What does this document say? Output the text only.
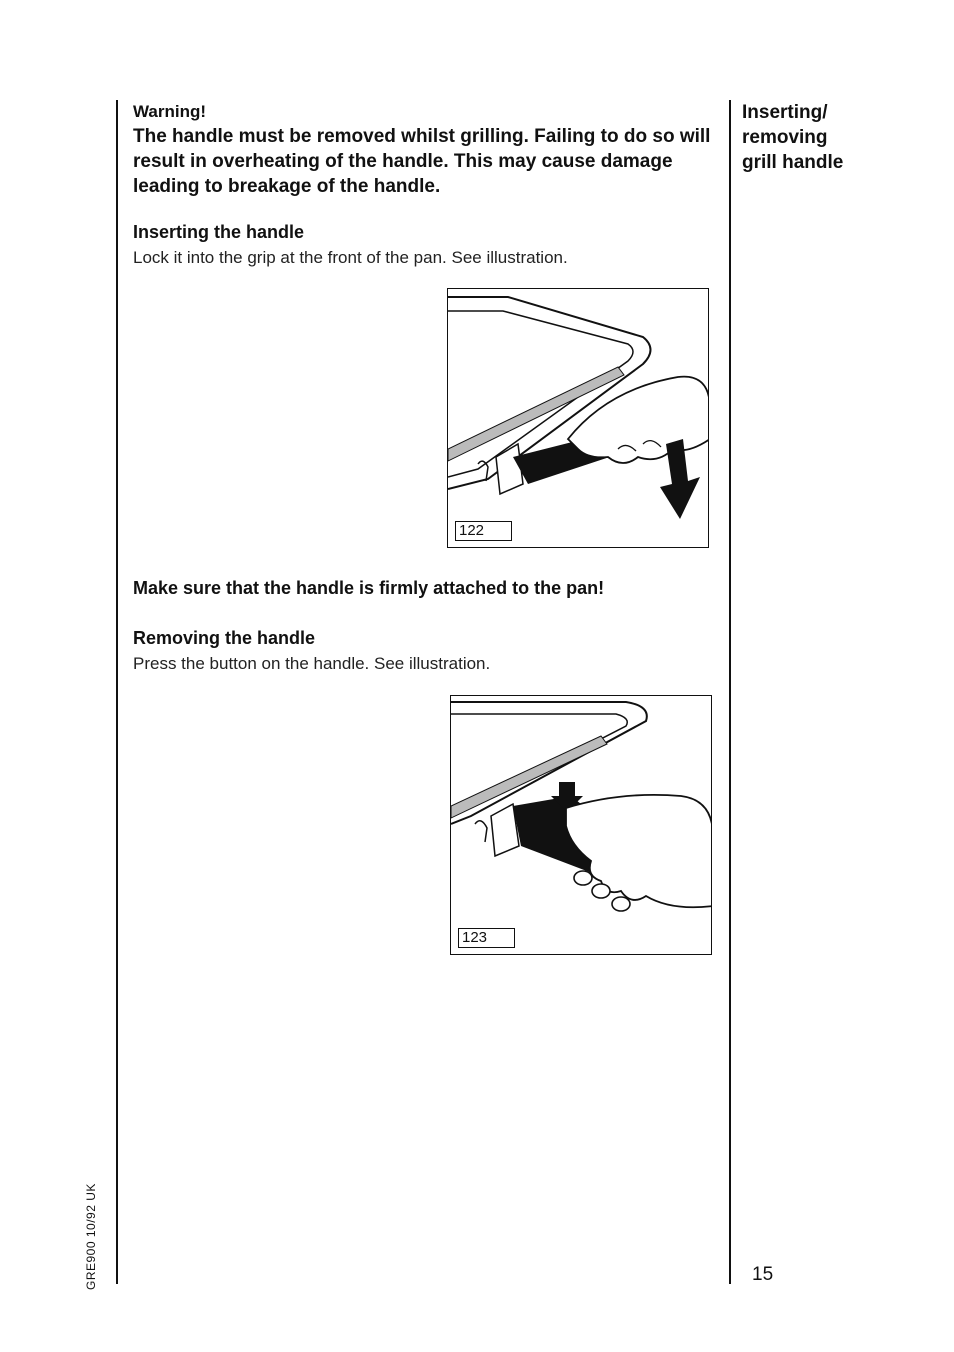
Warning!
The handle must be removed whilst grilling. Failing to do so will result in overheating of the handle. This may cause damage leading to breakage of the handle.
Inserting the handle
Lock it into the grip at the front of the pan. See illustration.
122
Make sure that the handle is firmly attached to the pan!
Removing the handle
Press the button on the handle. See illustration.
123
Inserting/
removing
grill handle
15
GRE900 10/92 UK
